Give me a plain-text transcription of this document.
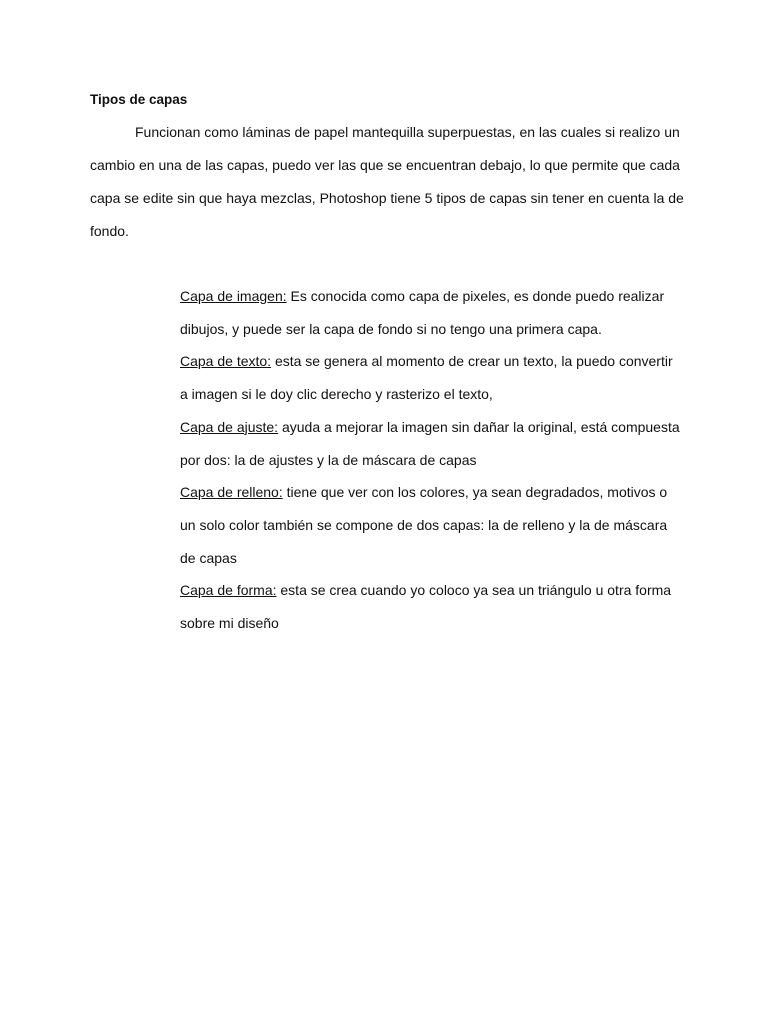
Tipos de capas

Funcionan como láminas de papel mantequilla superpuestas, en las cuales si realizo un cambio en una de las capas, puedo ver las que se encuentran debajo, lo que permite que cada capa se edite sin que haya mezclas, Photoshop tiene 5 tipos de capas sin tener en cuenta la de fondo.

Capa de imagen: Es conocida como capa de pixeles, es donde puedo realizar dibujos, y puede ser la capa de fondo si no tengo una primera capa.
Capa de texto: esta se genera al momento de crear un texto, la puedo convertir a imagen si le doy clic derecho y rasterizo el texto,
Capa de ajuste: ayuda a mejorar la imagen sin dañar la original, está compuesta por dos: la de ajustes y la de máscara de capas
Capa de relleno: tiene que ver con los colores, ya sean degradados, motivos o un solo color también se compone de dos capas: la de relleno y la de máscara de capas
Capa de forma: esta se crea cuando yo coloco ya sea un triángulo u otra forma sobre mi diseño
